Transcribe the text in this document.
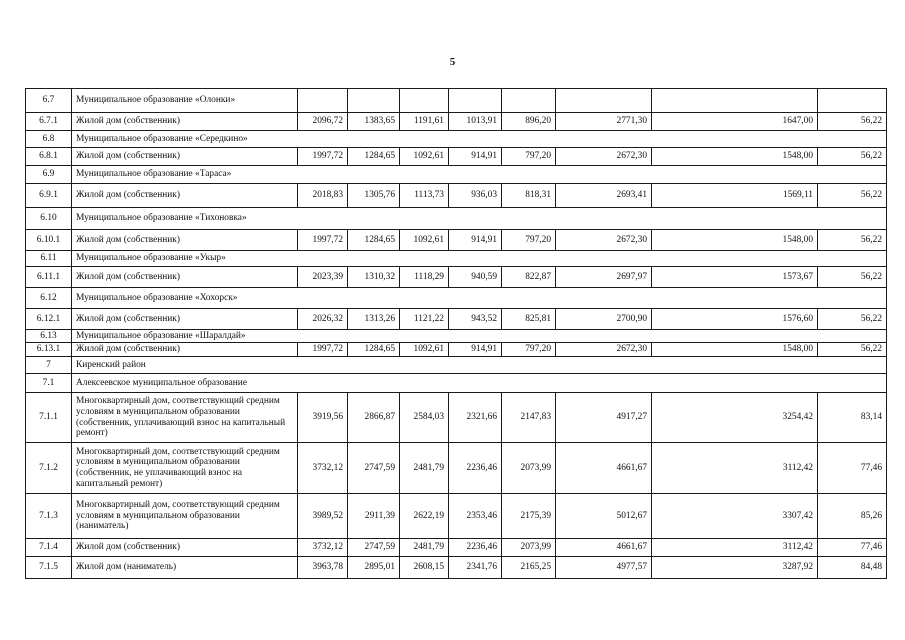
5
6.7	Муниципальное образование «Олонки»								
6.7.1	Жилой дом (собственник)	2096,72	1383,65	1191,61	1013,91	896,20	2771,30	1647,00	56,22
6.8	Муниципальное образование «Середкино»								
6.8.1	Жилой дом (собственник)	1997,72	1284,65	1092,61	914,91	797,20	2672,30	1548,00	56,22
6.9	Муниципальное образование «Тараса»								
6.9.1	Жилой дом (собственник)	2018,83	1305,76	1113,73	936,03	818,31	2693,41	1569,11	56,22
6.10	Муниципальное образование «Тихоновка»								
6.10.1	Жилой дом (собственник)	1997,72	1284,65	1092,61	914,91	797,20	2672,30	1548,00	56,22
6.11	Муниципальное образование «Укыр»								
6.11.1	Жилой дом (собственник)	2023,39	1310,32	1118,29	940,59	822,87	2697,97	1573,67	56,22
6.12	Муниципальное образование «Хохорск»								
6.12.1	Жилой дом (собственник)	2026,32	1313,26	1121,22	943,52	825,81	2700,90	1576,60	56,22
6.13	Муниципальное образование «Шаралдай»								
6.13.1	Жилой дом (собственник)	1997,72	1284,65	1092,61	914,91	797,20	2672,30	1548,00	56,22
7	Киренский район								
7.1	Алексеевское муниципальное образование								
7.1.1	Многоквартирный дом, соответствующий средним условиям в муниципальном образовании (собственник, уплачивающий взнос на капитальный ремонт)	3919,56	2866,87	2584,03	2321,66	2147,83	4917,27	3254,42	83,14
7.1.2	Многоквартирный дом, соответствующий средним условиям в муниципальном образовании (собственник, не уплачивающий взнос на капитальный ремонт)	3732,12	2747,59	2481,79	2236,46	2073,99	4661,67	3112,42	77,46
7.1.3	Многоквартирный дом, соответствующий средним условиям в муниципальном образовании (наниматель)	3989,52	2911,39	2622,19	2353,46	2175,39	5012,67	3307,42	85,26
7.1.4	Жилой дом (собственник)	3732,12	2747,59	2481,79	2236,46	2073,99	4661,67	3112,42	77,46
7.1.5	Жилой дом (наниматель)	3963,78	2895,01	2608,15	2341,76	2165,25	4977,57	3287,92	84,48
